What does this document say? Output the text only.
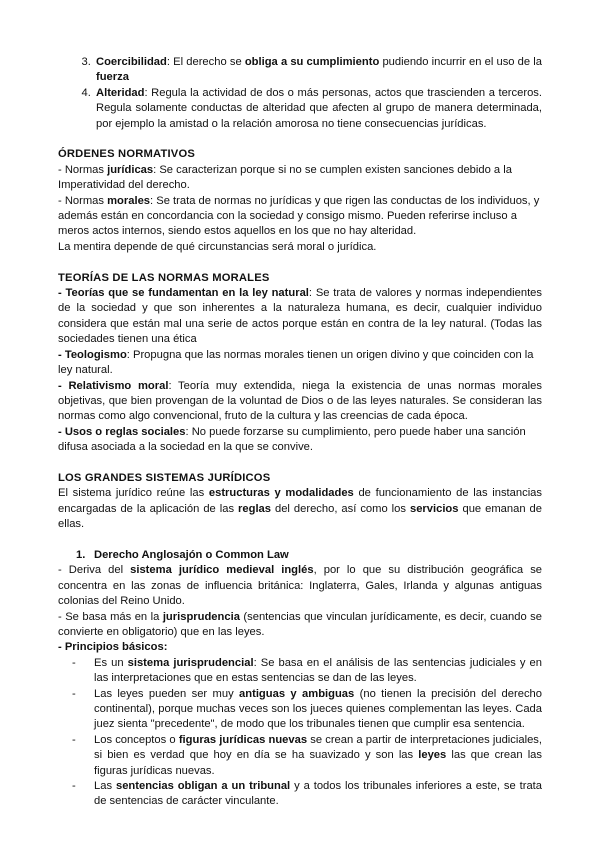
3. Coercibilidad: El derecho se obliga a su cumplimiento pudiendo incurrir en el uso de la fuerza
4. Alteridad: Regula la actividad de dos o más personas, actos que trascienden a terceros. Regula solamente conductas de alteridad que afecten al grupo de manera determinada, por ejemplo la amistad o la relación amorosa no tiene consecuencias jurídicas.

ÓRDENES NORMATIVOS

- Normas jurídicas: Se caracterizan porque si no se cumplen existen sanciones debido a la Imperatividad del derecho.

- Normas morales: Se trata de normas no jurídicas y que rigen las conductas de los individuos, y además están en concordancia con la sociedad y consigo mismo. Pueden referirse incluso a meros actos internos, siendo estos aquellos en los que no hay alteridad.

La mentira depende de qué circunstancias será moral o jurídica.

TEORÍAS DE LAS NORMAS MORALES

- Teorías que se fundamentan en la ley natural: Se trata de valores y normas independientes de la sociedad y que son inherentes a la naturaleza humana, es decir, cualquier individuo considera que están mal una serie de actos porque están en contra de la ley natural. (Todas las sociedades tienen una ética

- Teologismo: Propugna que las normas morales tienen un origen divino y que coinciden con la ley natural.

- Relativismo moral: Teoría muy extendida, niega la existencia de unas normas morales objetivas, que bien provengan de la voluntad de Dios o de las leyes naturales. Se consideran las normas como algo convencional, fruto de la cultura y las creencias de cada época.

- Usos o reglas sociales: No puede forzarse su cumplimiento, pero puede haber una sanción difusa asociada a la sociedad en la que se convive.

LOS GRANDES SISTEMAS JURÍDICOS

El sistema jurídico reúne las estructuras y modalidades de funcionamiento de las instancias encargadas de la aplicación de las reglas del derecho, así como los servicios que emanan de ellas.

1. Derecho Anglosajón o Common Law

- Deriva del sistema jurídico medieval inglés, por lo que su distribución geográfica se concentra en las zonas de influencia británica: Inglaterra, Gales, Irlanda y algunas antiguas colonias del Reino Unido.

- Se basa más en la jurisprudencia (sentencias que vinculan jurídicamente, es decir, cuando se convierte en obligatorio) que en las leyes.

- Principios básicos:

- Es un sistema jurisprudencial: Se basa en el análisis de las sentencias judiciales y en las interpretaciones que en estas sentencias se dan de las leyes.
- Las leyes pueden ser muy antiguas y ambiguas (no tienen la precisión del derecho continental), porque muchas veces son los jueces quienes complementan las leyes. Cada juez sienta "precedente", de modo que los tribunales tienen que cumplir esa sentencia.
- Los conceptos o figuras jurídicas nuevas se crean a partir de interpretaciones judiciales, si bien es verdad que hoy en día se ha suavizado y son las leyes las que crean las figuras jurídicas nuevas.
- Las sentencias obligan a un tribunal y a todos los tribunales inferiores a este, se trata de sentencias de carácter vinculante.
